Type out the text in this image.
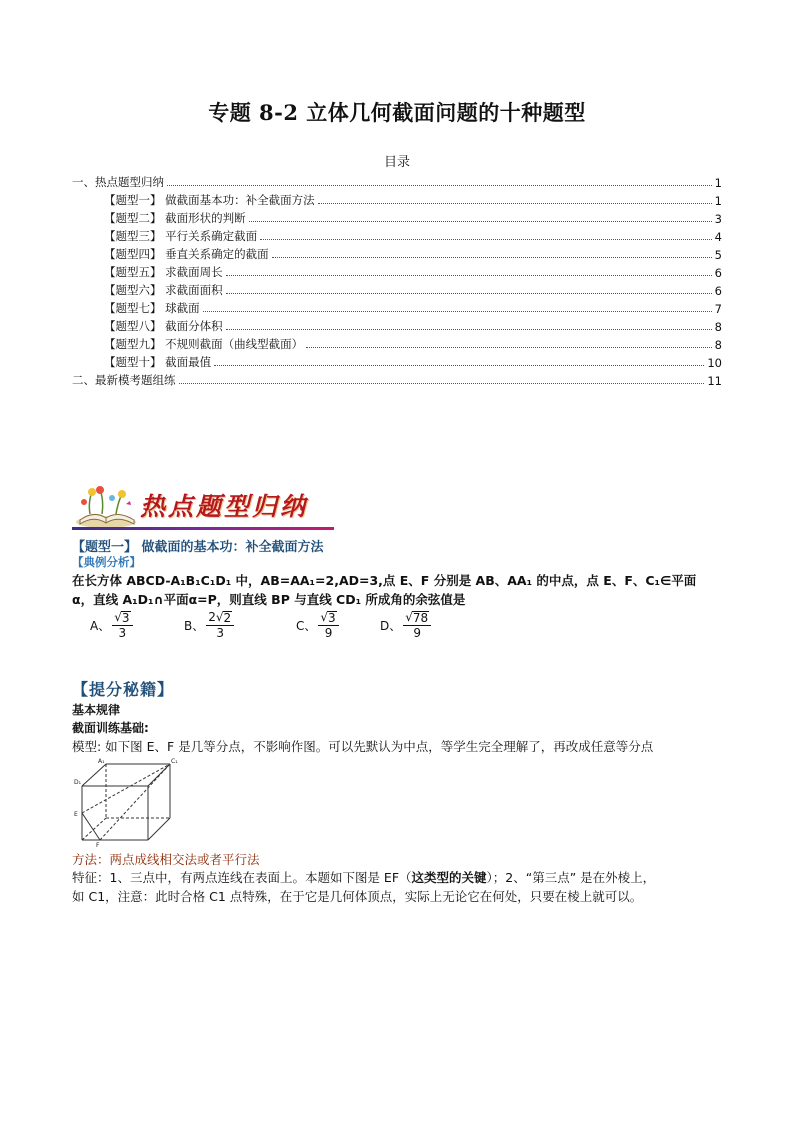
专题 8-2 立体几何截面问题的十种题型
目录
一、热点题型归纳	1
【题型一】 做截面基本功：补全截面方法	1
【题型二】 截面形状的判断	3
【题型三】 平行关系确定截面	4
【题型四】 垂直关系确定的截面	5
【题型五】 求截面周长	6
【题型六】 求截面面积	6
【题型七】 球截面	7
【题型八】 截面分体积	8
【题型九】 不规则截面（曲线型截面）	8
【题型十】 截面最值	10
二、最新模考题组练	11
热点题型归纳
【题型一】 做截面的基本功：补全截面方法
【典例分析】
在长方体 ABCD-A₁B₁C₁D₁ 中，AB=AA₁=2,AD=3,点 E、F 分别是 AB、AA₁ 的中点，点 E、F、C₁∈平面
α，直线 A₁D₁∩平面α=P，则直线 BP 与直线 CD₁ 所成角的余弦值是
A、 $\frac{√ 3}{3}$	B、 $\frac{2 √ 2}{3}$	C、 $\frac{√ 3}{9}$	D、 $\frac{√ 78}{9}$
【提分秘籍】
基本规律
截面训练基础:
模型: 如下图 E、F 是几等分点，不影响作图。可以先默认为中点，等学生完全理解了，再改成任意等分点
A₁	C₁
D₁
E
F
方法：两点成线相交法或者平行法
特征：1、三点中，有两点连线在表面上。本题如下图是 EF（这类型的关键）；2、“第三点” 是在外棱上，
如 C1，注意：此时合格 C1 点特殊，在于它是几何体顶点，实际上无论它在何处，只要在棱上就可以。
